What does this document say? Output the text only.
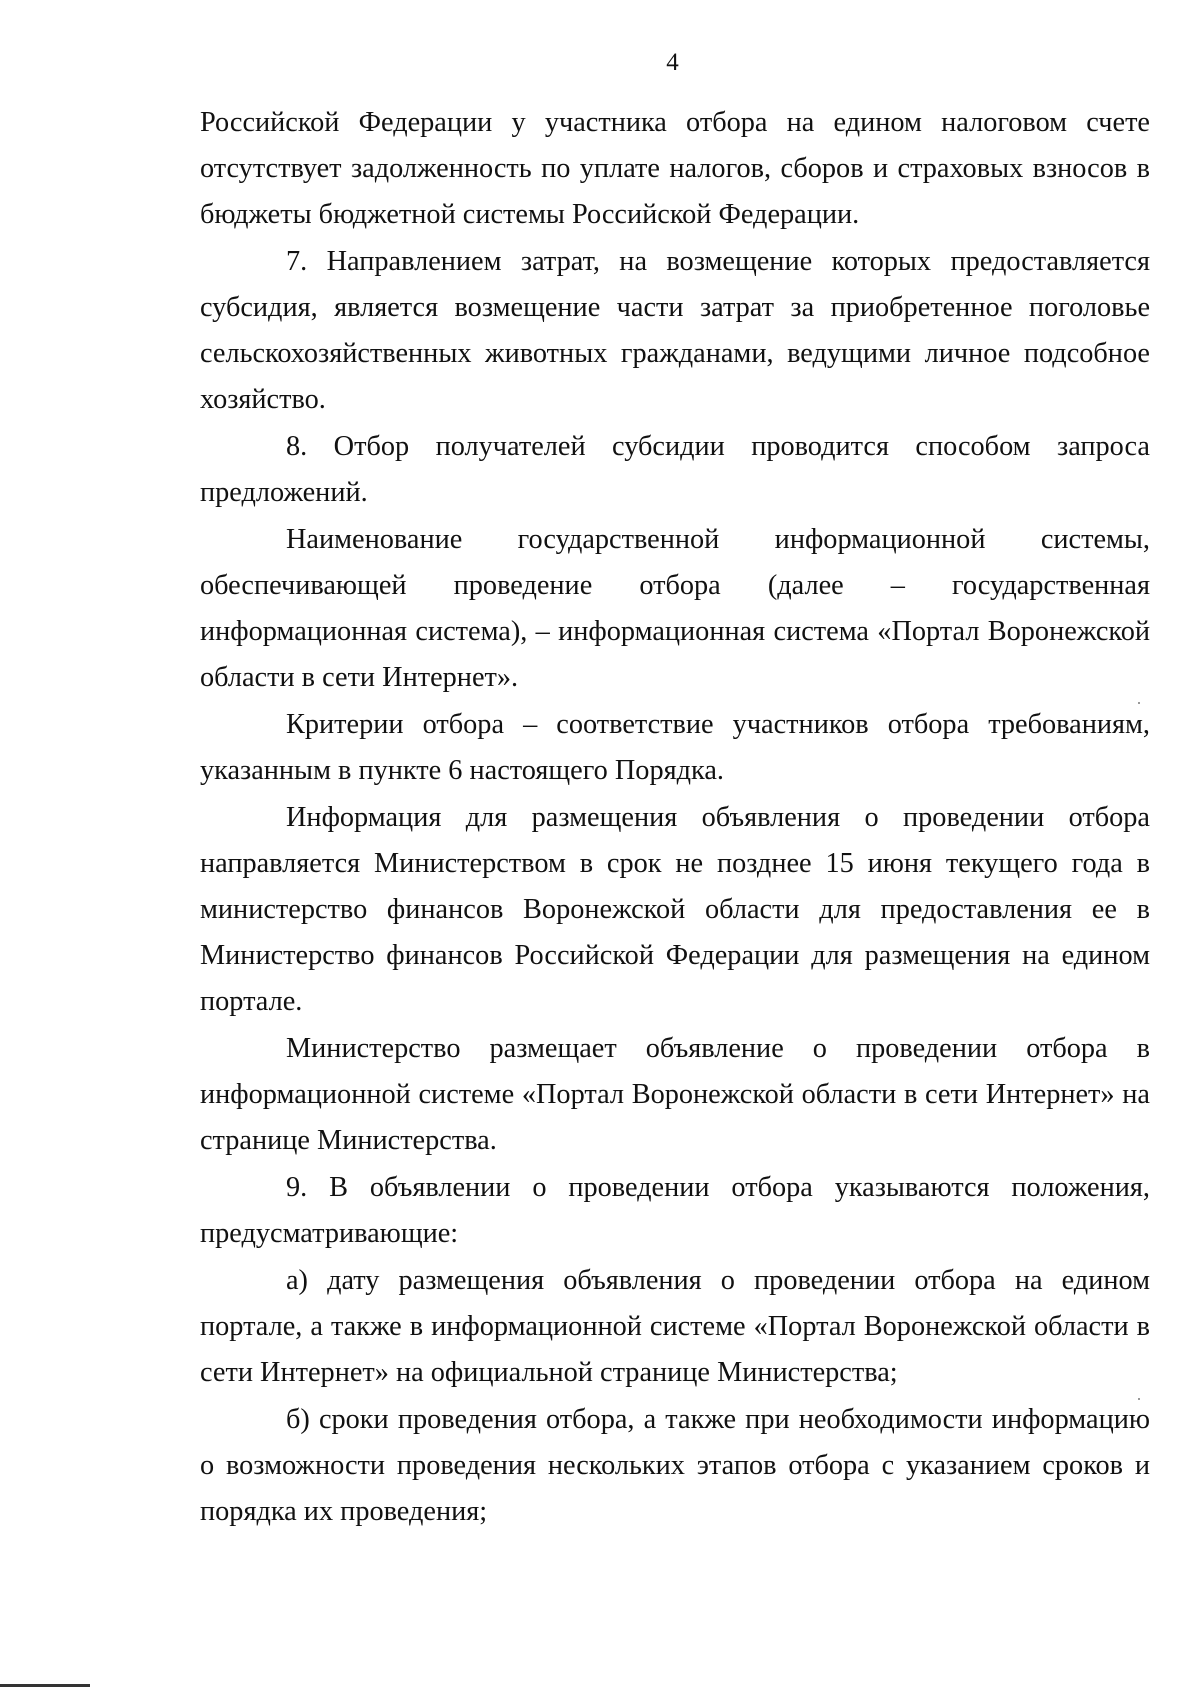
4

Российской Федерации у участника отбора на едином налоговом счете отсутствует задолженность по уплате налогов, сборов и страховых взносов в бюджеты бюджетной системы Российской Федерации.

7. Направлением затрат, на возмещение которых предоставляется субсидия, является возмещение части затрат за приобретенное поголовье сельскохозяйственных животных гражданами, ведущими личное подсобное хозяйство.

8. Отбор получателей субсидии проводится способом запроса предложений.

Наименование государственной информационной системы, обеспечивающей проведение отбора (далее – государственная информационная система), – информационная система «Портал Воронежской области в сети Интернет».

Критерии отбора – соответствие участников отбора требованиям, указанным в пункте 6 настоящего Порядка.

Информация для размещения объявления о проведении отбора направляется Министерством в срок не позднее 15 июня текущего года в министерство финансов Воронежской области для предоставления ее в Министерство финансов Российской Федерации для размещения на едином портале.

Министерство размещает объявление о проведении отбора в информационной системе «Портал Воронежской области в сети Интернет» на странице Министерства.

9. В объявлении о проведении отбора указываются положения, предусматривающие:

а) дату размещения объявления о проведении отбора на едином портале, а также в информационной системе «Портал Воронежской области в сети Интернет» на официальной странице Министерства;

б) сроки проведения отбора, а также при необходимости информацию о возможности проведения нескольких этапов отбора с указанием сроков и порядка их проведения;
